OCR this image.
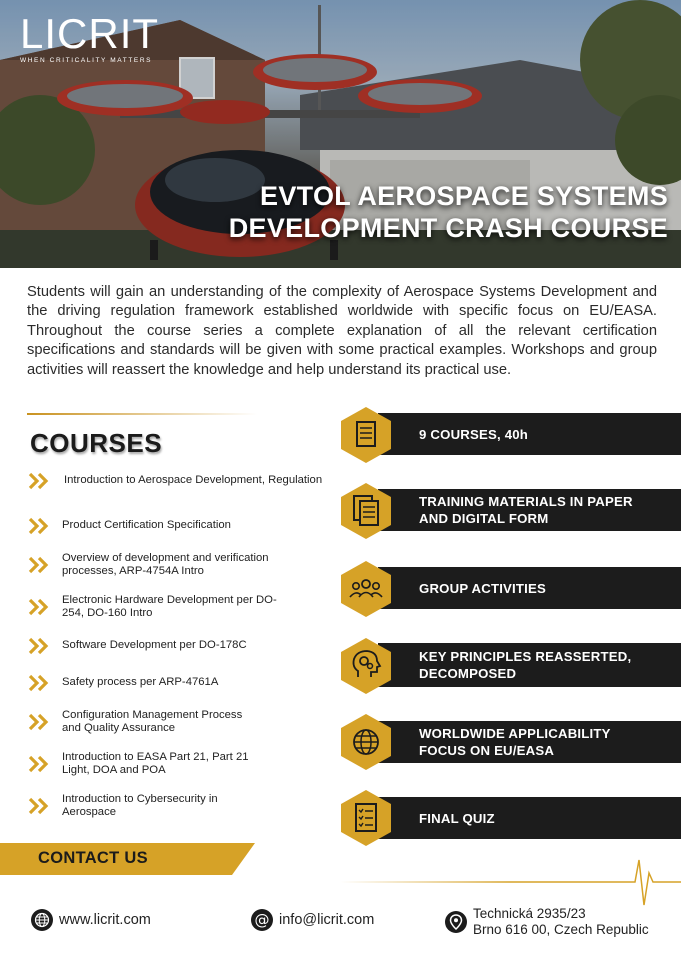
LICRIT
WHEN CRITICALITY MATTERS
EVTOL AEROSPACE SYSTEMS
DEVELOPMENT CRASH COURSE
Students will gain an understanding of the complexity of Aerospace Systems Development and the driving regulation framework established worldwide with specific focus on EU/EASA. Throughout the course series a complete explanation of all the relevant certification specifications and standards will be given with some practical examples. Workshops and group activities will reassert the knowledge and help understand its practical use.
COURSES
Introduction to Aerospace Development, Regulation
Product Certification Specification
Overview of development and verification processes, ARP-4754A Intro
Electronic Hardware Development per DO-254, DO-160 Intro
Software Development per DO-178C
Safety process per ARP-4761A
Configuration Management Process and Quality Assurance
Introduction to EASA Part 21, Part 21 Light, DOA and POA
Introduction to Cybersecurity in Aerospace
9 COURSES, 40h
TRAINING MATERIALS IN PAPER AND DIGITAL FORM
GROUP ACTIVITIES
KEY PRINCIPLES REASSERTED, DECOMPOSED
WORLDWIDE APPLICABILITY FOCUS ON EU/EASA
FINAL QUIZ
CONTACT US
www.licrit.com	@ info@licrit.com	Technická 2935/23
Brno 616 00, Czech Republic
